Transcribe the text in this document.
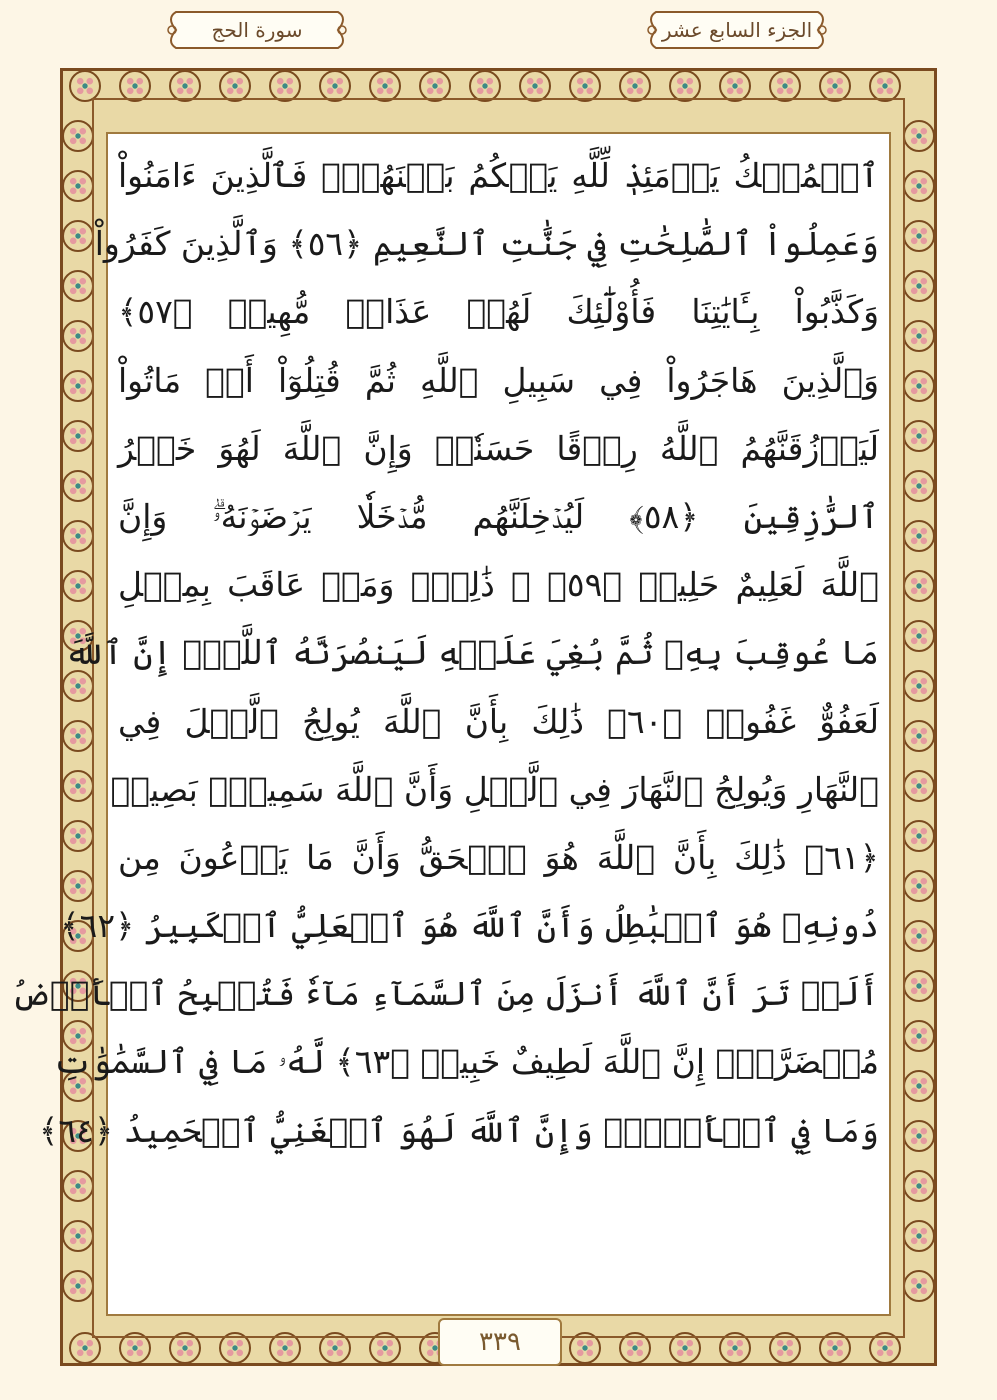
سورة الحج	الجزء السابع عشر
ٱلۡمُلۡكُ يَوۡمَئِذٖ لِّلَّهِ يَحۡكُمُ بَيۡنَهُمۡۚ فَٱلَّذِينَ ءَامَنُواْ
وَعَمِلُواْ ٱلصَّٰلِحَٰتِ فِي جَنَّٰتِ ٱلنَّعِيمِ ﴿٥٦﴾ وَٱلَّذِينَ كَفَرُواْ
وَكَذَّبُواْ بِـَٔايَٰتِنَا فَأُوْلَٰٓئِكَ لَهُمۡ عَذَابٞ مُّهِينٞ ﴿٥٧﴾
وَٱلَّذِينَ هَاجَرُواْ فِي سَبِيلِ ٱللَّهِ ثُمَّ قُتِلُوٓاْ أَوۡ مَاتُواْ
لَيَرۡزُقَنَّهُمُ ٱللَّهُ رِزۡقًا حَسَنٗاۚ وَإِنَّ ٱللَّهَ لَهُوَ خَيۡرُ
ٱلرَّٰزِقِينَ ﴿٥٨﴾ لَيُدۡخِلَنَّهُم مُّدۡخَلٗا يَرۡضَوۡنَهُۥۗ وَإِنَّ
ٱللَّهَ لَعَلِيمٌ حَلِيمٞ ﴿٥٩﴾ ۞ ذَٰلِكَۖ وَمَنۡ عَاقَبَ بِمِثۡلِ
مَا عُوقِبَ بِهِۦ ثُمَّ بُغِيَ عَلَيۡهِ لَيَنصُرَنَّهُ ٱللَّهُۚ إِنَّ ٱللَّهَ
لَعَفُوٌّ غَفُورٞ ﴿٦٠﴾ ذَٰلِكَ بِأَنَّ ٱللَّهَ يُولِجُ ٱلَّيۡلَ فِي
ٱلنَّهَارِ وَيُولِجُ ٱلنَّهَارَ فِي ٱلَّيۡلِ وَأَنَّ ٱللَّهَ سَمِيعُۢ بَصِيرٞ
﴿٦١﴾ ذَٰلِكَ بِأَنَّ ٱللَّهَ هُوَ ٱلۡحَقُّ وَأَنَّ مَا يَدۡعُونَ مِن
دُونِهِۦ هُوَ ٱلۡبَٰطِلُ وَأَنَّ ٱللَّهَ هُوَ ٱلۡعَلِيُّ ٱلۡكَبِيرُ ﴿٦٢﴾
أَلَمۡ تَرَ أَنَّ ٱللَّهَ أَنزَلَ مِنَ ٱلسَّمَآءِ مَآءٗ فَتُصۡبِحُ ٱلۡأَرۡضُ
مُخۡضَرَّةًۚ إِنَّ ٱللَّهَ لَطِيفٌ خَبِيرٞ ﴿٦٣﴾ لَّهُۥ مَا فِي ٱلسَّمَٰوَٰتِ
وَمَا فِي ٱلۡأَرۡضِۗ وَإِنَّ ٱللَّهَ لَهُوَ ٱلۡغَنِيُّ ٱلۡحَمِيدُ ﴿٦٤﴾
٣٣٩
